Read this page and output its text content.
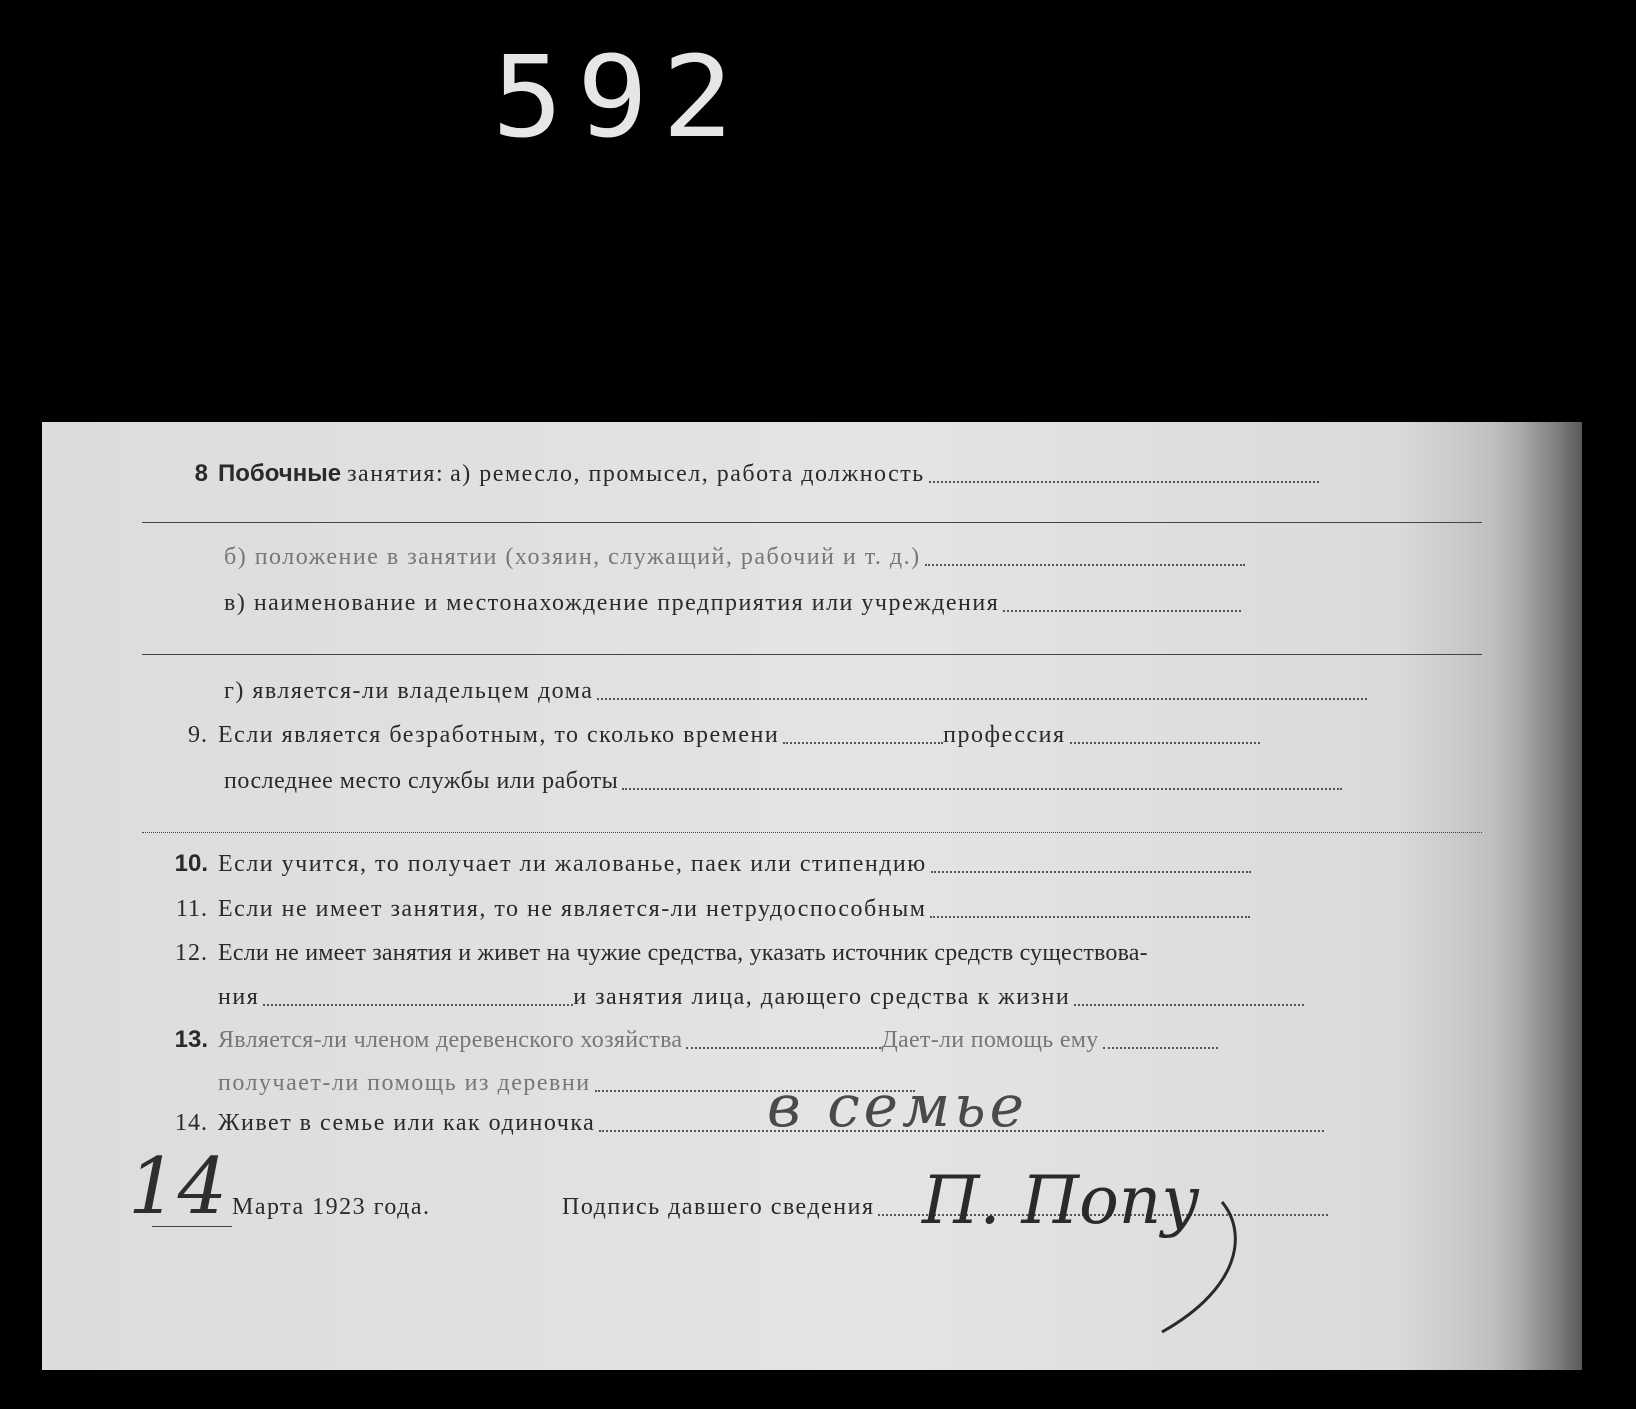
592
8 Побочные
занятия:
а) ремесло, промысел, работа должность
б) положение в занятии (хозяин, служащий, рабочий и т. д.)
в) наименование и местонахождение предприятия или учреждения
г) является-ли владельцем дома
9. Если является безработным, то сколько времени	профессия
последнее место службы или работы
10. Если учится, то получает ли жалованье, паек или стипендию
11. Если не имеет занятия, то не является-ли нетрудоспособным
12. Если не имеет занятия и живет на чужие средства, указать источник средств существова-
ния	и занятия лица, дающего средства к жизни
13. Является-ли членом деревенского хозяйства	Дает-ли помощь ему
получает-ли помощь из деревни
14. Живет в семье или как одиночка	в семье
14 Марта 1923 года.	Подпись давшего сведения П. Попу
